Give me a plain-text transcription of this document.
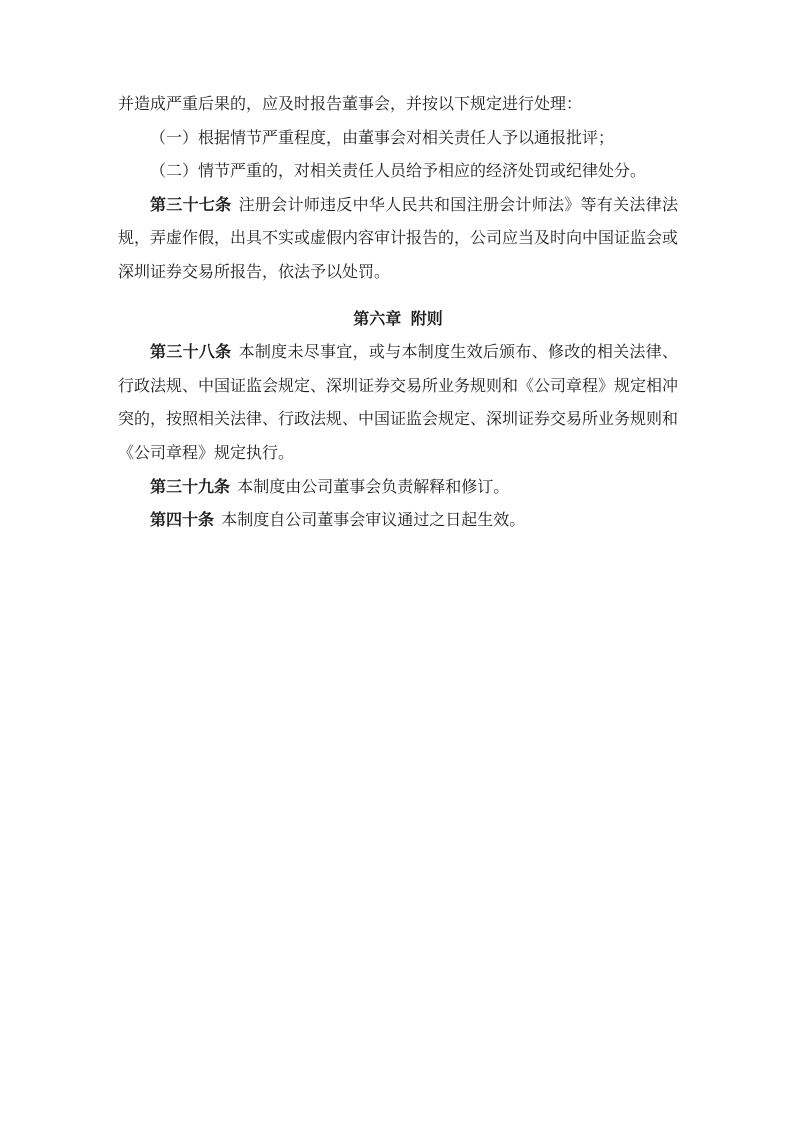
并造成严重后果的，应及时报告董事会，并按以下规定进行处理：

（一）根据情节严重程度，由董事会对相关责任人予以通报批评；

（二）情节严重的，对相关责任人员给予相应的经济处罚或纪律处分。

第三十七条 注册会计师违反中华人民共和国注册会计师法》等有关法律法规，弄虚作假，出具不实或虚假内容审计报告的，公司应当及时向中国证监会或深圳证券交易所报告，依法予以处罚。

第六章 附则

第三十八条 本制度未尽事宜，或与本制度生效后颁布、修改的相关法律、行政法规、中国证监会规定、深圳证券交易所业务规则和《公司章程》规定相冲突的，按照相关法律、行政法规、中国证监会规定、深圳证券交易所业务规则和《公司章程》规定执行。

第三十九条 本制度由公司董事会负责解释和修订。

第四十条 本制度自公司董事会审议通过之日起生效。
